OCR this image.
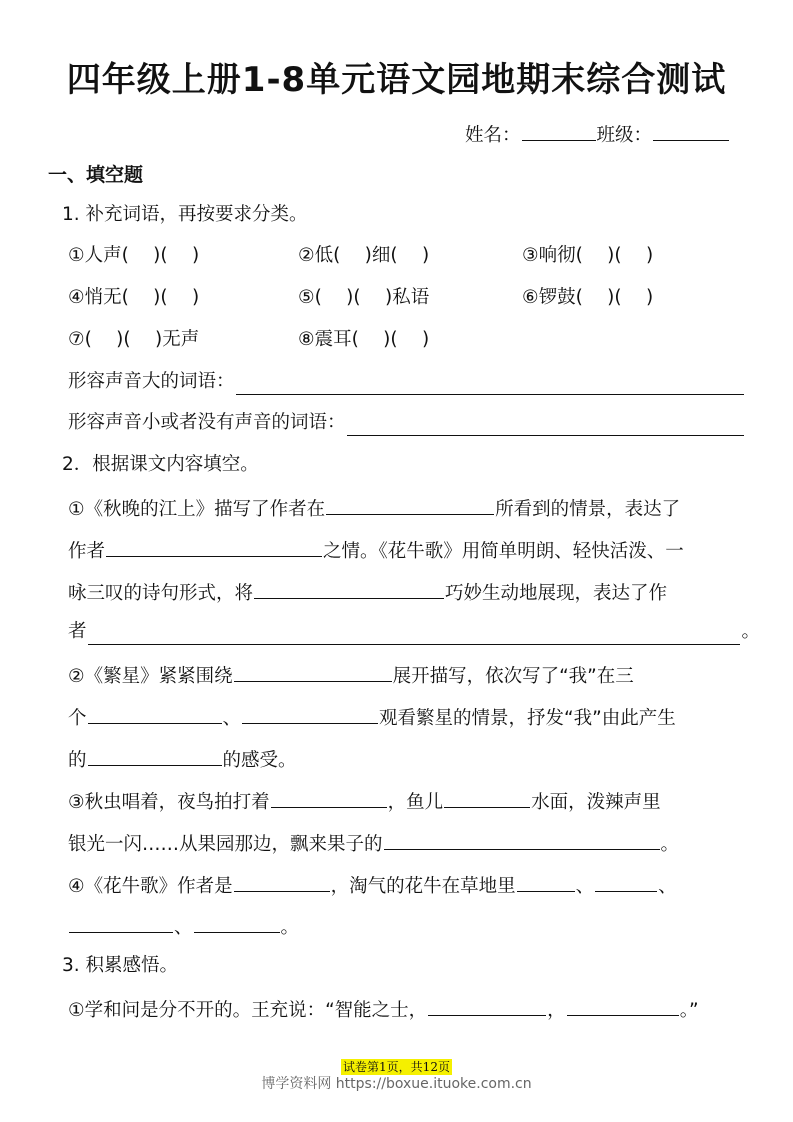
四年级上册1-8单元语文园地期末综合测试
姓名：	班级：
一、填空题
1. 补充词语，再按要求分类。
①人声(　 )(　 )	②低(　 )细(　 )	③响彻(　 )(　 )
④悄无(　 )(　 )	⑤(　 )(　 )私语	⑥锣鼓(　 )(　 )
⑦(　 )(　 )无声	⑧震耳(　 )(　 )
形容声音大的词语：
形容声音小或者没有声音的词语：
2．根据课文内容填空。
①《秋晚的江上》描写了作者在	所看到的情景，表达了
作者	之情。《花牛歌》用简单明朗、轻快活泼、一
咏三叹的诗句形式，将	巧妙生动地展现，表达了作
者	。
②《繁星》紧紧围绕	展开描写，依次写了“我”在三
个	、	观看繁星的情景，抒发“我”由此产生
的	的感受。
③秋虫唱着，夜鸟拍打着	，鱼儿	水面，泼辣声里
银光一闪……从果园那边，飘来果子的	。
④《花牛歌》作者是	，淘气的花牛在草地里	、	、
、	。
3. 积累感悟。
①学和问是分不开的。王充说：“智能之士，	，	。”
试卷第1页，共12页
博学资料网 https://boxue.ituoke.com.cn
